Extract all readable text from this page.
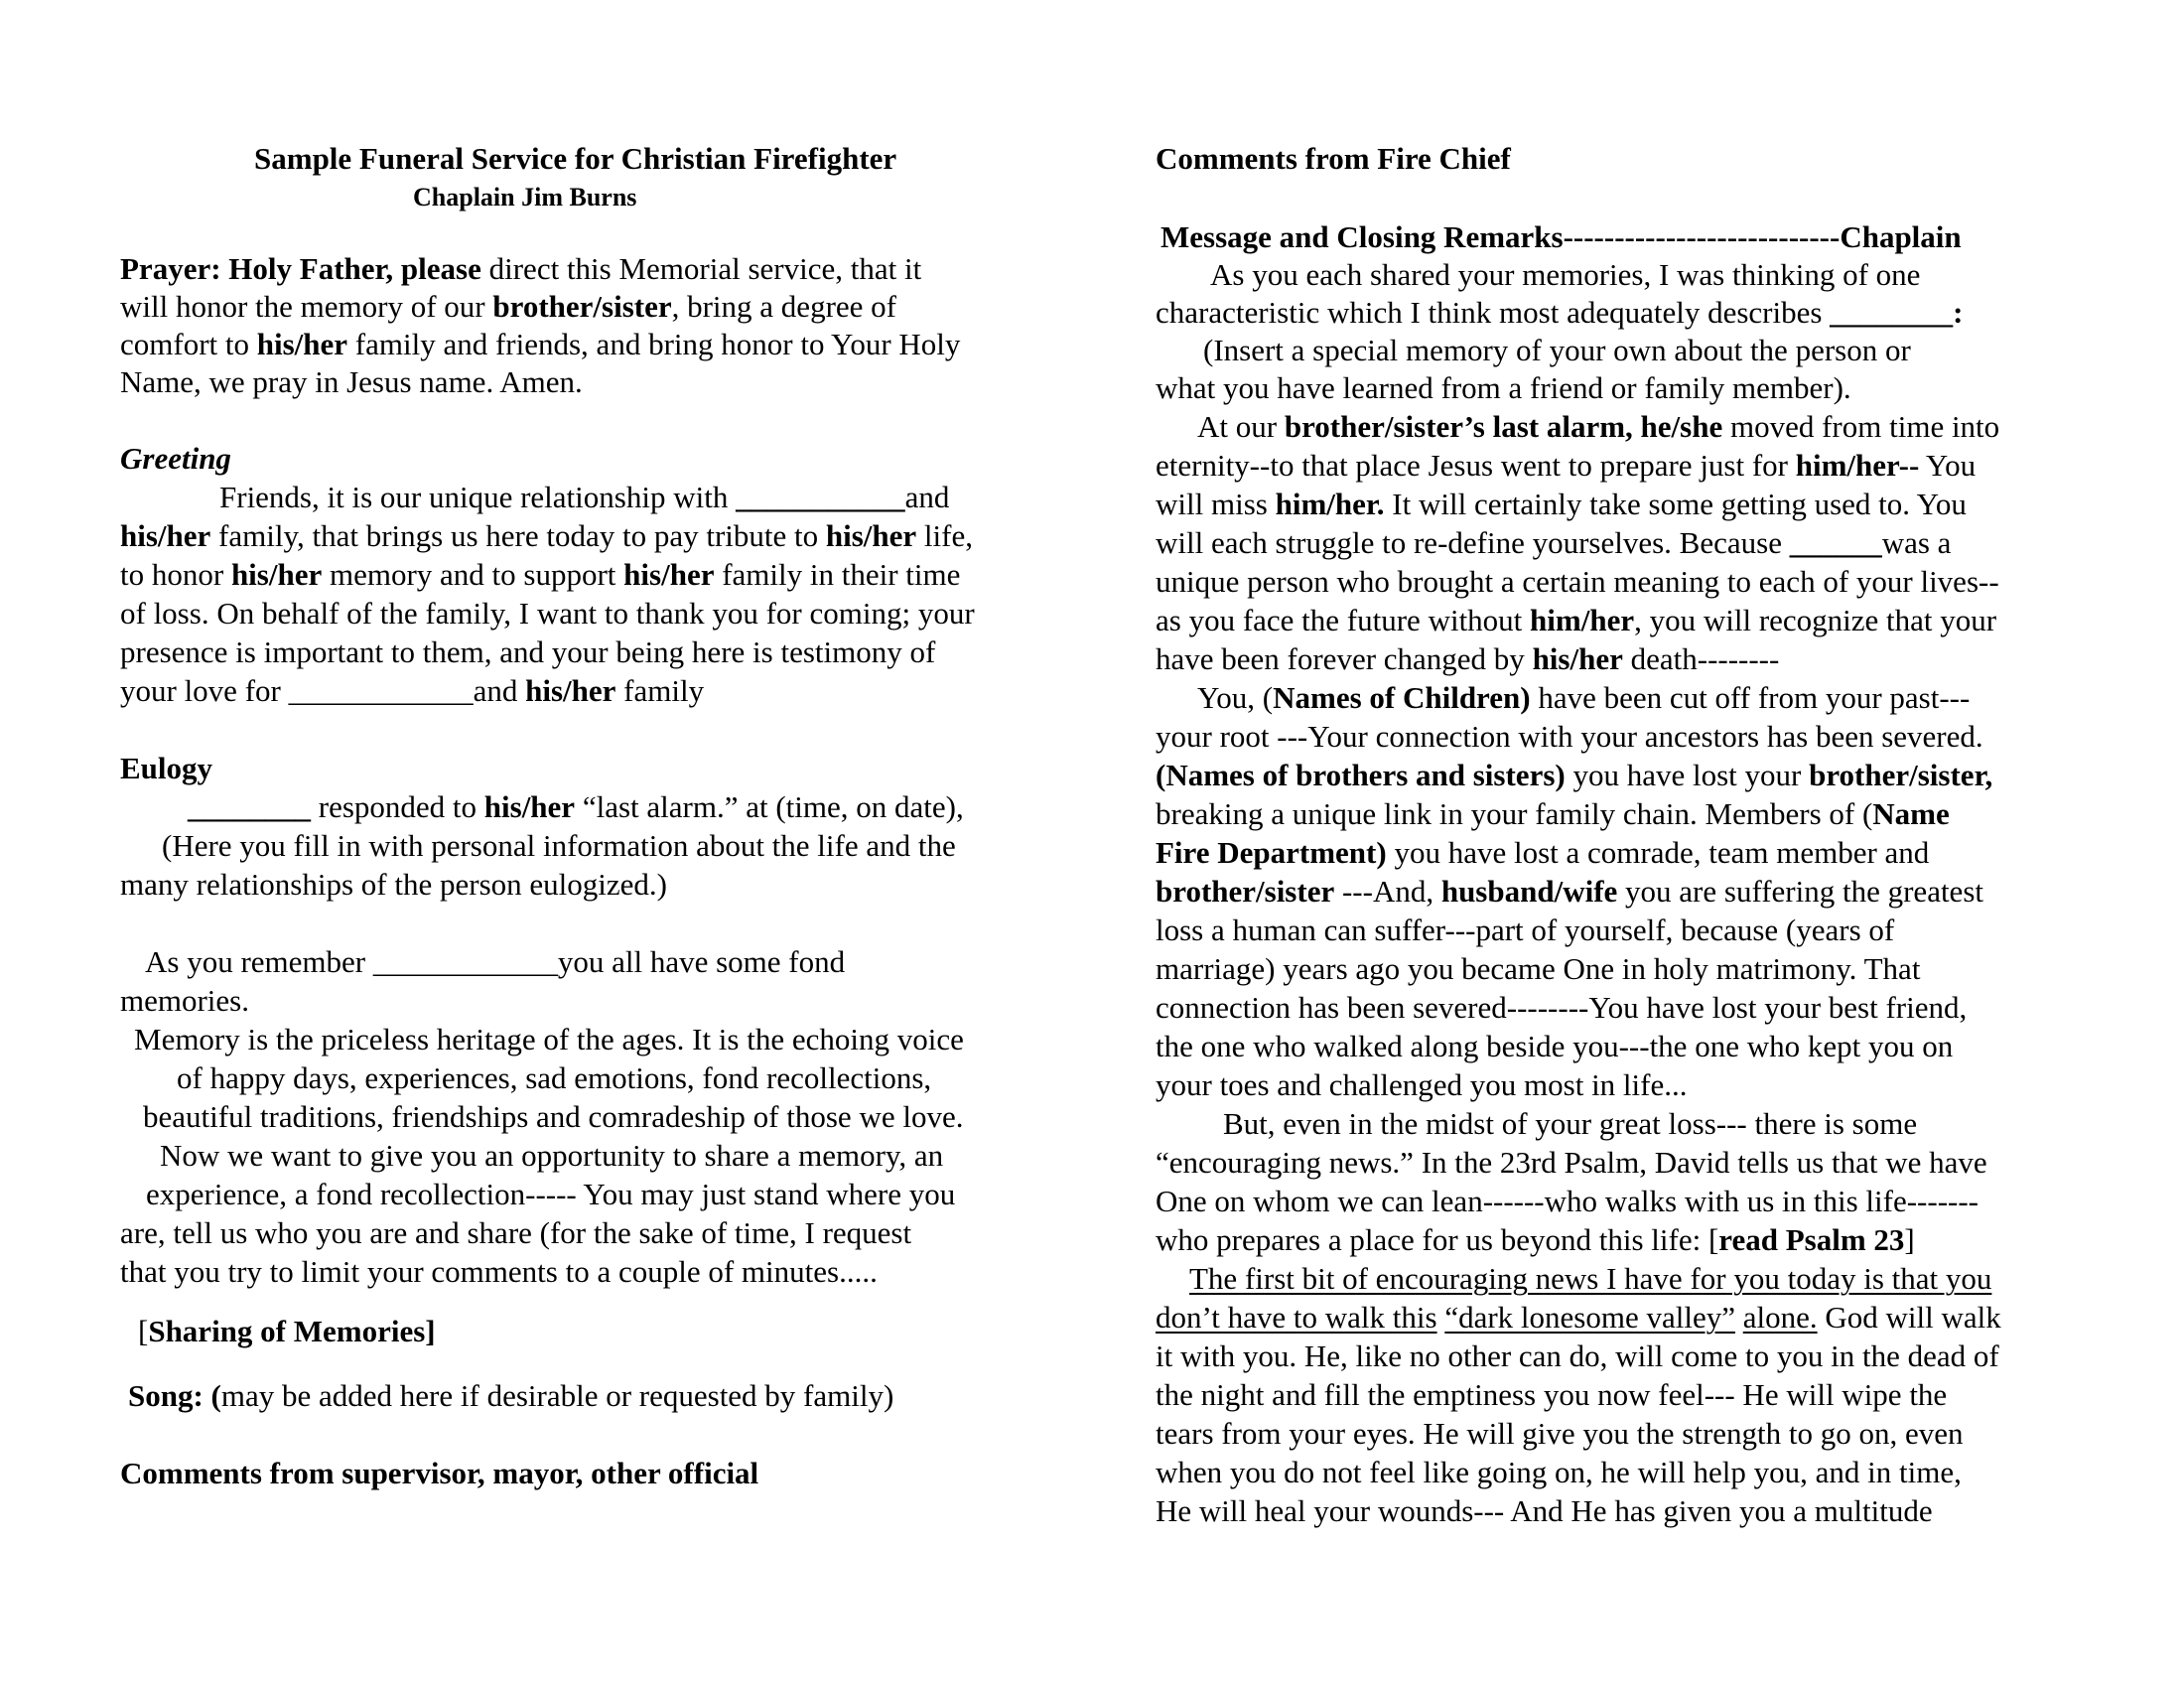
Sample Funeral Service for Christian Firefighter
Chaplain Jim Burns
Prayer: Holy Father, please direct this Memorial service, that it
will honor the memory of our brother/sister, bring a degree of
comfort to his/her family and friends, and bring honor to Your Holy
Name, we pray in Jesus name. Amen.
Greeting
Friends, it is our unique relationship with ___________and
his/her family, that brings us here today to pay tribute to his/her life,
to honor his/her memory and to support his/her family in their time
of loss. On behalf of the family, I want to thank you for coming; your
presence is important to them, and your being here is testimony of
your love for ____________and his/her family
Eulogy
________ responded to his/her “last alarm.” at (time, on date),
(Here you fill in with personal information about the life and the
many relationships of the person eulogized.)
As you remember ____________you all have some fond
memories.
Memory is the priceless heritage of the ages. It is the echoing voice
of happy days, experiences, sad emotions, fond recollections,
beautiful traditions, friendships and comradeship of those we love.
Now we want to give you an opportunity to share a memory, an
experience, a fond recollection----- You may just stand where you
are, tell us who you are and share (for the sake of time, I request
that you try to limit your comments to a couple of minutes.....
[Sharing of Memories]
Song: (may be added here if desirable or requested by family)
Comments from supervisor, mayor, other official
Comments from Fire Chief
Message and Closing Remarks---------------------------Chaplain
As you each shared your memories, I was thinking of one
characteristic which I think most adequately describes ________:
(Insert a special memory of your own about the person or
what you have learned from a friend or family member).
At our brother/sister’s last alarm, he/she moved from time into
eternity--to that place Jesus went to prepare just for him/her-- You
will miss him/her. It will certainly take some getting used to. You
will each struggle to re-define yourselves. Because ______was a
unique person who brought a certain meaning to each of your lives--
as you face the future without him/her, you will recognize that your
have been forever changed by his/her death--------
You, (Names of Children) have been cut off from your past---
your root ---Your connection with your ancestors has been severed.
(Names of brothers and sisters) you have lost your brother/sister,
breaking a unique link in your family chain. Members of (Name
Fire Department) you have lost a comrade, team member and
brother/sister ---And, husband/wife you are suffering the greatest
loss a human can suffer---part of yourself, because (years of
marriage) years ago you became One in holy matrimony. That
connection has been severed--------You have lost your best friend,
the one who walked along beside you---the one who kept you on
your toes and challenged you most in life...
But, even in the midst of your great loss--- there is some
“encouraging news.” In the 23rd Psalm, David tells us that we have
One on whom we can lean------who walks with us in this life-------
who prepares a place for us beyond this life: [read Psalm 23]
The first bit of encouraging news I have for you today is that you
don’t have to walk this “dark lonesome valley” alone. God will walk
it with you. He, like no other can do, will come to you in the dead of
the night and fill the emptiness you now feel--- He will wipe the
tears from your eyes. He will give you the strength to go on, even
when you do not feel like going on, he will help you, and in time,
He will heal your wounds--- And He has given you a multitude
